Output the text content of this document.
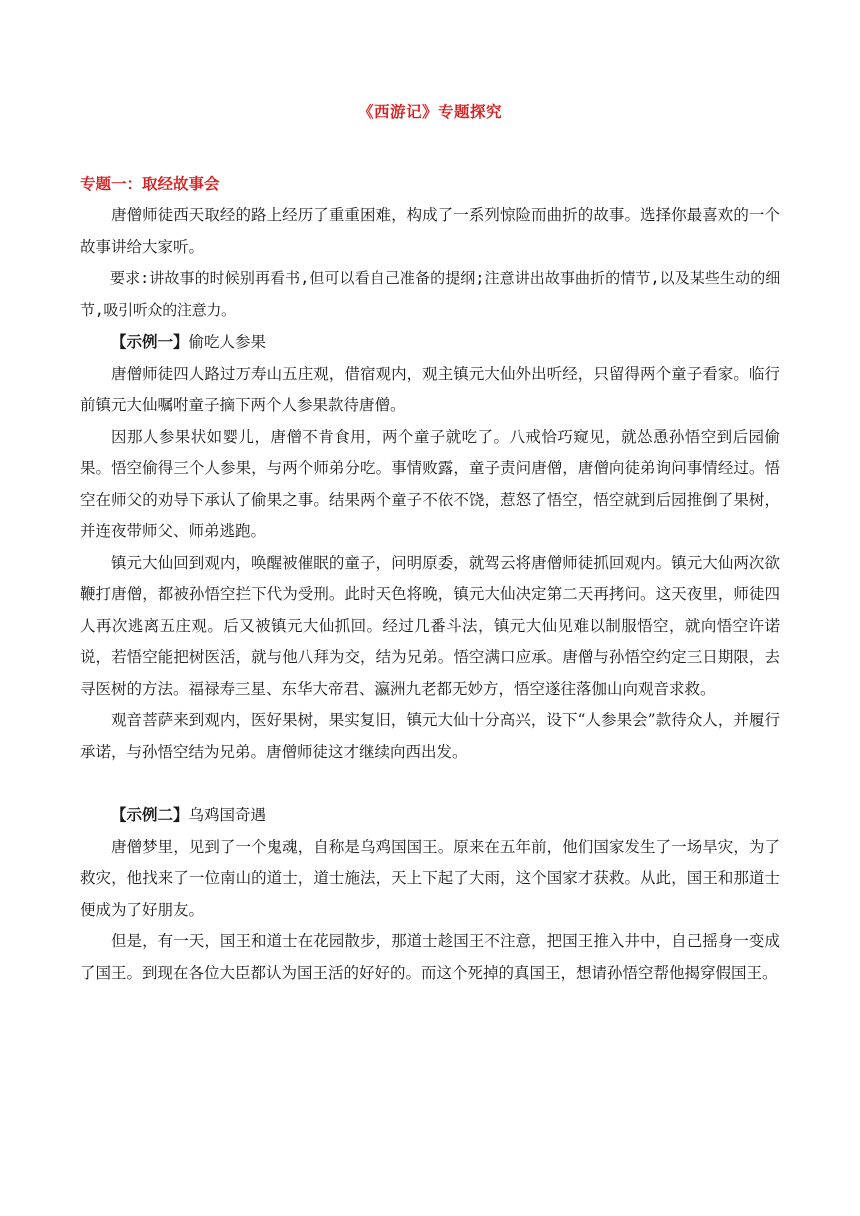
《西游记》专题探究
专题一：取经故事会

唐僧师徒西天取经的路上经历了重重困难，构成了一系列惊险而曲折的故事。选择你最喜欢的一个故事讲给大家听。

要求:讲故事的时候别再看书,但可以看自己准备的提纲;注意讲出故事曲折的情节,以及某些生动的细节,吸引听众的注意力。

【示例一】偷吃人参果

唐僧师徒四人路过万寿山五庄观，借宿观内，观主镇元大仙外出听经，只留得两个童子看家。临行前镇元大仙嘱咐童子摘下两个人参果款待唐僧。

因那人参果状如婴儿，唐僧不肯食用，两个童子就吃了。八戒恰巧窥见，就怂恿孙悟空到后园偷果。悟空偷得三个人参果，与两个师弟分吃。事情败露，童子责问唐僧，唐僧向徒弟询问事情经过。悟空在师父的劝导下承认了偷果之事。结果两个童子不依不饶，惹怒了悟空，悟空就到后园推倒了果树，并连夜带师父、师弟逃跑。

镇元大仙回到观内，唤醒被催眠的童子，问明原委，就驾云将唐僧师徒抓回观内。镇元大仙两次欲鞭打唐僧，都被孙悟空拦下代为受刑。此时天色将晚，镇元大仙决定第二天再拷问。这天夜里，师徒四人再次逃离五庄观。后又被镇元大仙抓回。经过几番斗法，镇元大仙见难以制服悟空，就向悟空许诺说，若悟空能把树医活，就与他八拜为交，结为兄弟。悟空满口应承。唐僧与孙悟空约定三日期限，去寻医树的方法。福禄寿三星、东华大帝君、瀛洲九老都无妙方，悟空遂往落伽山向观音求救。

观音菩萨来到观内，医好果树，果实复旧，镇元大仙十分高兴，设下“人参果会”款待众人，并履行承诺，与孙悟空结为兄弟。唐僧师徒这才继续向西出发。

【示例二】乌鸡国奇遇

唐僧梦里，见到了一个鬼魂，自称是乌鸡国国王。原来在五年前，他们国家发生了一场旱灾，为了救灾，他找来了一位南山的道士，道士施法，天上下起了大雨，这个国家才获救。从此，国王和那道士便成为了好朋友。

但是，有一天，国王和道士在花园散步，那道士趁国王不注意，把国王推入井中，自己摇身一变成了国王。到现在各位大臣都认为国王活的好好的。而这个死掉的真国王，想请孙悟空帮他揭穿假国王。
